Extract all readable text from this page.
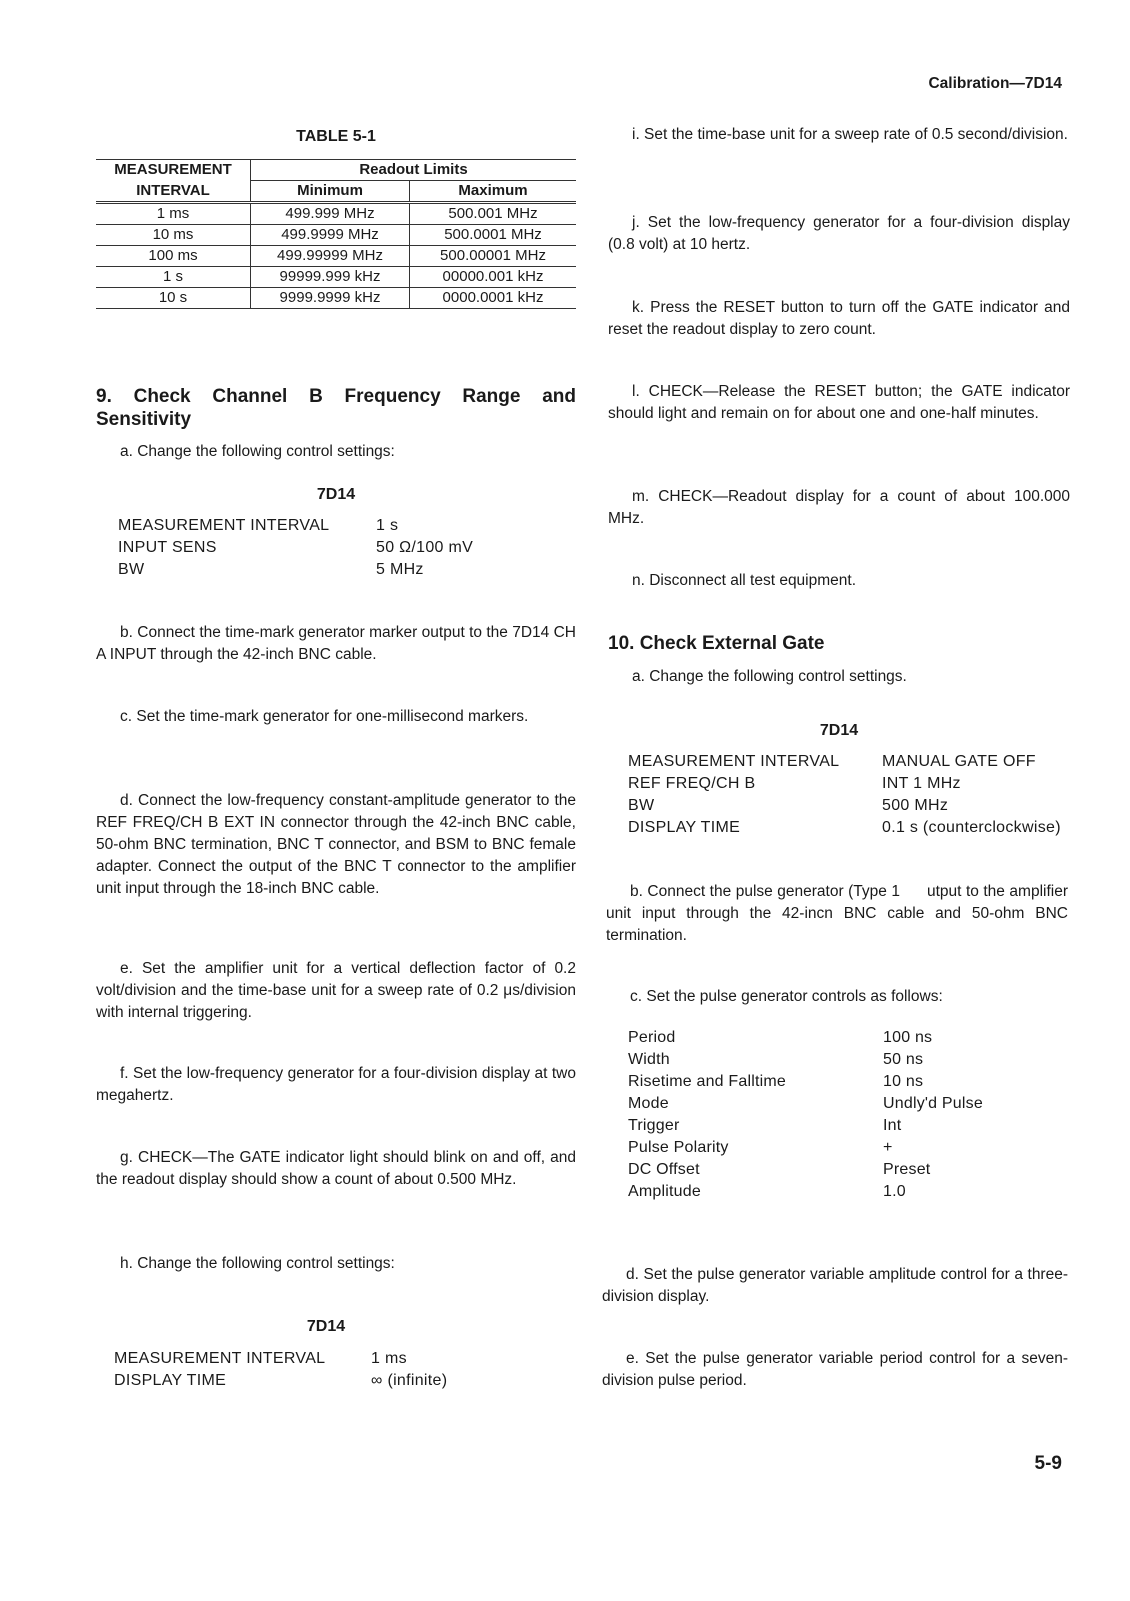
Calibration—7D14
TABLE 5-1
MEASUREMENT	Readout Limits	
INTERVAL	Minimum	Maximum
1 ms	499.999 MHz	500.001 MHz
10 ms	499.9999 MHz	500.0001 MHz
100 ms	499.99999 MHz	500.00001 MHz
1 s	99999.999 kHz	00000.001 kHz
10 s	9999.9999 kHz	0000.0001 kHz
9. Check Channel B Frequency Range and Sensitivity

a. Change the following control settings:

7D14
MEASUREMENT INTERVAL	1 s
INPUT SENS	50 Ω/100 mV
BW	5 MHz

b. Connect the time-mark generator marker output to the 7D14 CH A INPUT through the 42-inch BNC cable.

c. Set the time-mark generator for one-millisecond markers.

d. Connect the low-frequency constant-amplitude generator to the REF FREQ/CH B EXT IN connector through the 42-inch BNC cable, 50-ohm BNC termination, BNC T connector, and BSM to BNC female adapter. Connect the output of the BNC T connector to the amplifier unit input through the 18-inch BNC cable.

e. Set the amplifier unit for a vertical deflection factor of 0.2 volt/division and the time-base unit for a sweep rate of 0.2 μs/division with internal triggering.

f. Set the low-frequency generator for a four-division display at two megahertz.

g. CHECK—The GATE indicator light should blink on and off, and the readout display should show a count of about 0.500 MHz.

h. Change the following control settings:

7D14
MEASUREMENT INTERVAL	1 ms
DISPLAY TIME	∞ (infinite)

i. Set the time-base unit for a sweep rate of 0.5 second/division.

j. Set the low-frequency generator for a four-division display (0.8 volt) at 10 hertz.

k. Press the RESET button to turn off the GATE indicator and reset the readout display to zero count.

l. CHECK—Release the RESET button; the GATE indicator should light and remain on for about one and one-half minutes.

m. CHECK—Readout display for a count of about 100.000 MHz.

n. Disconnect all test equipment.

10. Check External Gate

a. Change the following control settings.

7D14
MEASUREMENT INTERVAL	MANUAL GATE OFF
REF FREQ/CH B	INT 1 MHz
BW	500 MHz
DISPLAY TIME	0.1 s (counterclockwise)

b. Connect the pulse generator (Type 1      utput to the amplifier unit input through the 42-incn BNC cable and 50-ohm BNC termination.

c. Set the pulse generator controls as follows:

Period	100 ns
Width	50 ns
Risetime and Falltime	10 ns
Mode	Undly'd Pulse
Trigger	Int
Pulse Polarity	+
DC Offset	Preset
Amplitude	1.0

d. Set the pulse generator variable amplitude control for a three-division display.

e. Set the pulse generator variable period control for a seven-division pulse period.

5-9
